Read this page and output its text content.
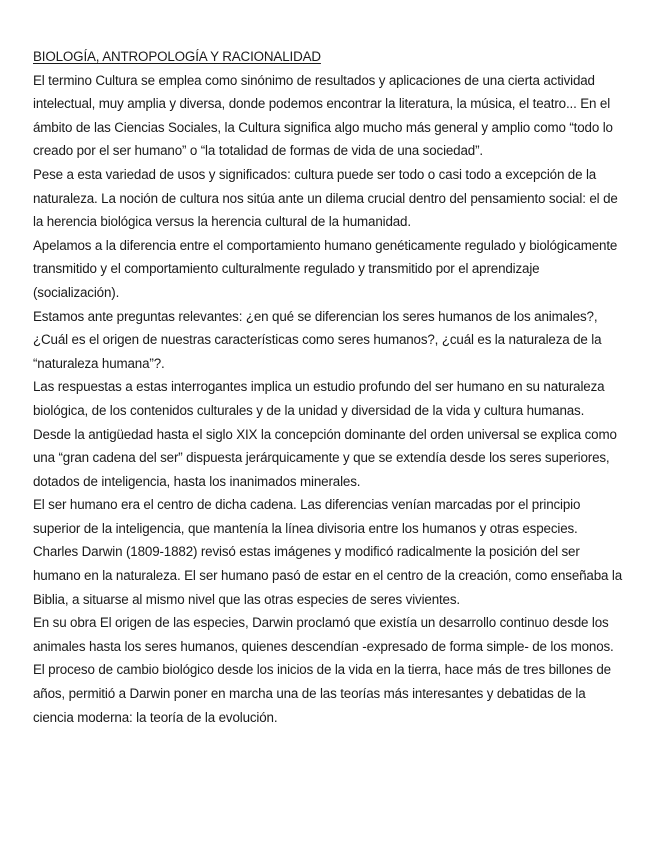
BIOLOGÍA, ANTROPOLOGÍA Y RACIONALIDAD

El termino Cultura se emplea como sinónimo de resultados y aplicaciones de una cierta actividad intelectual, muy amplia y diversa, donde podemos encontrar la literatura, la música, el teatro... En el ámbito de las Ciencias Sociales, la Cultura significa algo mucho más general y amplio como “todo lo creado por el ser humano” o “la totalidad de formas de vida de una sociedad”.

Pese a esta variedad de usos y significados: cultura puede ser todo o casi todo a excepción de la naturaleza. La noción de cultura nos sitúa ante un dilema crucial dentro del pensamiento social: el de la herencia biológica versus la herencia cultural de la humanidad.

Apelamos a la diferencia entre el comportamiento humano genéticamente regulado y biológicamente transmitido y el comportamiento culturalmente regulado y transmitido por el aprendizaje (socialización).

Estamos ante preguntas relevantes: ¿en qué se diferencian los seres humanos de los animales?, ¿Cuál es el origen de nuestras características como seres humanos?, ¿cuál es la naturaleza de la “naturaleza humana”?.

Las respuestas a estas interrogantes implica un estudio profundo del ser humano en su naturaleza biológica, de los contenidos culturales y de la unidad y diversidad de la vida y cultura humanas.

Desde la antigüedad hasta el siglo XIX la concepción dominante del orden universal se explica como una “gran cadena del ser” dispuesta jerárquicamente y que se extendía desde los seres superiores, dotados de inteligencia, hasta los inanimados minerales.

El ser humano era el centro de dicha cadena. Las diferencias venían marcadas por el principio superior de la inteligencia, que mantenía la línea divisoria entre los humanos y otras especies.

Charles Darwin (1809-1882) revisó estas imágenes y modificó radicalmente la posición del ser humano en la naturaleza. El ser humano pasó de estar en el centro de la creación, como enseñaba la Biblia, a situarse al mismo nivel que las otras especies de seres vivientes.

En su obra El origen de las especies, Darwin proclamó que existía un desarrollo continuo desde los animales hasta los seres humanos, quienes descendían -expresado de forma simple- de los monos. El proceso de cambio biológico desde los inicios de la vida en la tierra, hace más de tres billones de años, permitió a Darwin poner en marcha una de las teorías más interesantes y debatidas de la ciencia moderna: la teoría de la evolución.
